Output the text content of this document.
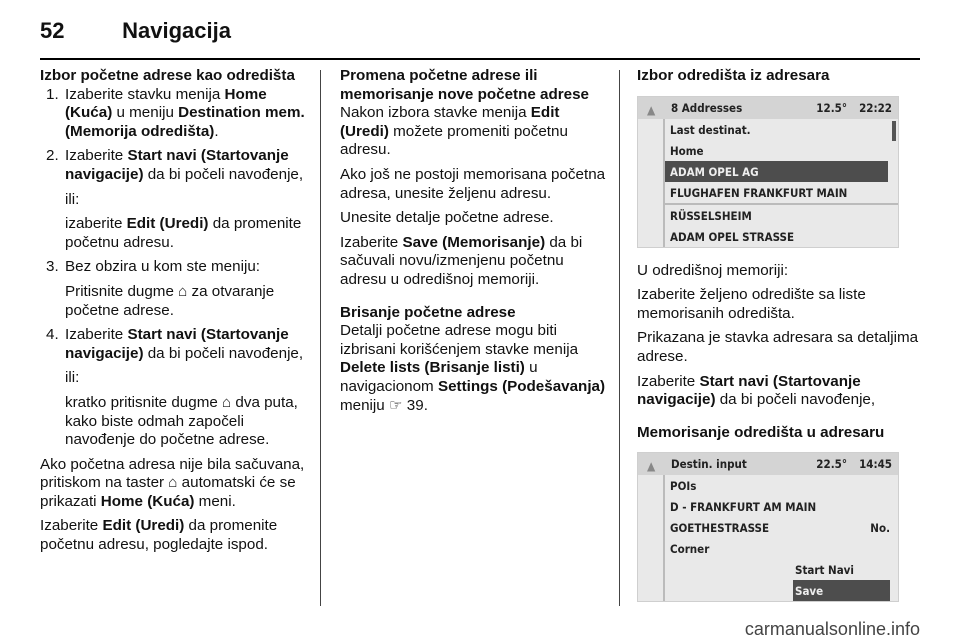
52	Navigacija

Izbor početne adrese kao odredišta

1. Izaberite stavku menija Home (Kuća) u meniju Destination mem. (Memorija odredišta).
2. Izaberite Start navi (Startovanje navigacije) da bi počeli navođenje,
ili:
izaberite Edit (Uredi) da promenite početnu adresu.
3. Bez obzira u kom ste meniju:
Pritisnite dugme ⌂ za otvaranje početne adrese.
4. Izaberite Start navi (Startovanje navigacije) da bi počeli navođenje,
ili:
kratko pritisnite dugme ⌂ dva puta, kako biste odmah započeli navođenje do početne adrese.

Ako početna adresa nije bila sačuvana, pritiskom na taster ⌂ automatski će se prikazati Home (Kuća) meni.

Izaberite Edit (Uredi) da promenite početnu adresu, pogledajte ispod.

Promena početne adrese ili memorisanje nove početne adrese

Nakon izbora stavke menija Edit (Uredi) možete promeniti početnu adresu.

Ako još ne postoji memorisana početna adresa, unesite željenu adresu.

Unesite detalje početne adrese.

Izaberite Save (Memorisanje) da bi sačuvali novu/izmenjenu početnu adresu u odredišnoj memoriji.

Brisanje početne adrese

Detalji početne adrese mogu biti izbrisani korišćenjem stavke menija Delete lists (Brisanje listi) u navigacionom Settings (Podešavanja) meniju ☞ 39.

Izbor odredišta iz adresara

▲ 8 Addresses	12.5° 22:22
Last destinat.
Home
ADAM OPEL AG
FLUGHAFEN FRANKFURT MAIN
RÜSSELSHEIM
ADAM OPEL STRASSE

U odredišnoj memoriji:

Izaberite željeno odredište sa liste memorisanih odredišta.

Prikazana je stavka adresara sa detaljima adrese.

Izaberite Start navi (Startovanje navigacije) da bi počeli navođenje,

Memorisanje odredišta u adresaru

▲ Destin. input	22.5° 14:45
POIs
D - FRANKFURT AM MAIN
GOETHESTRASSE	No.
Corner
Start Navi
Save
carmanualsonline.info
